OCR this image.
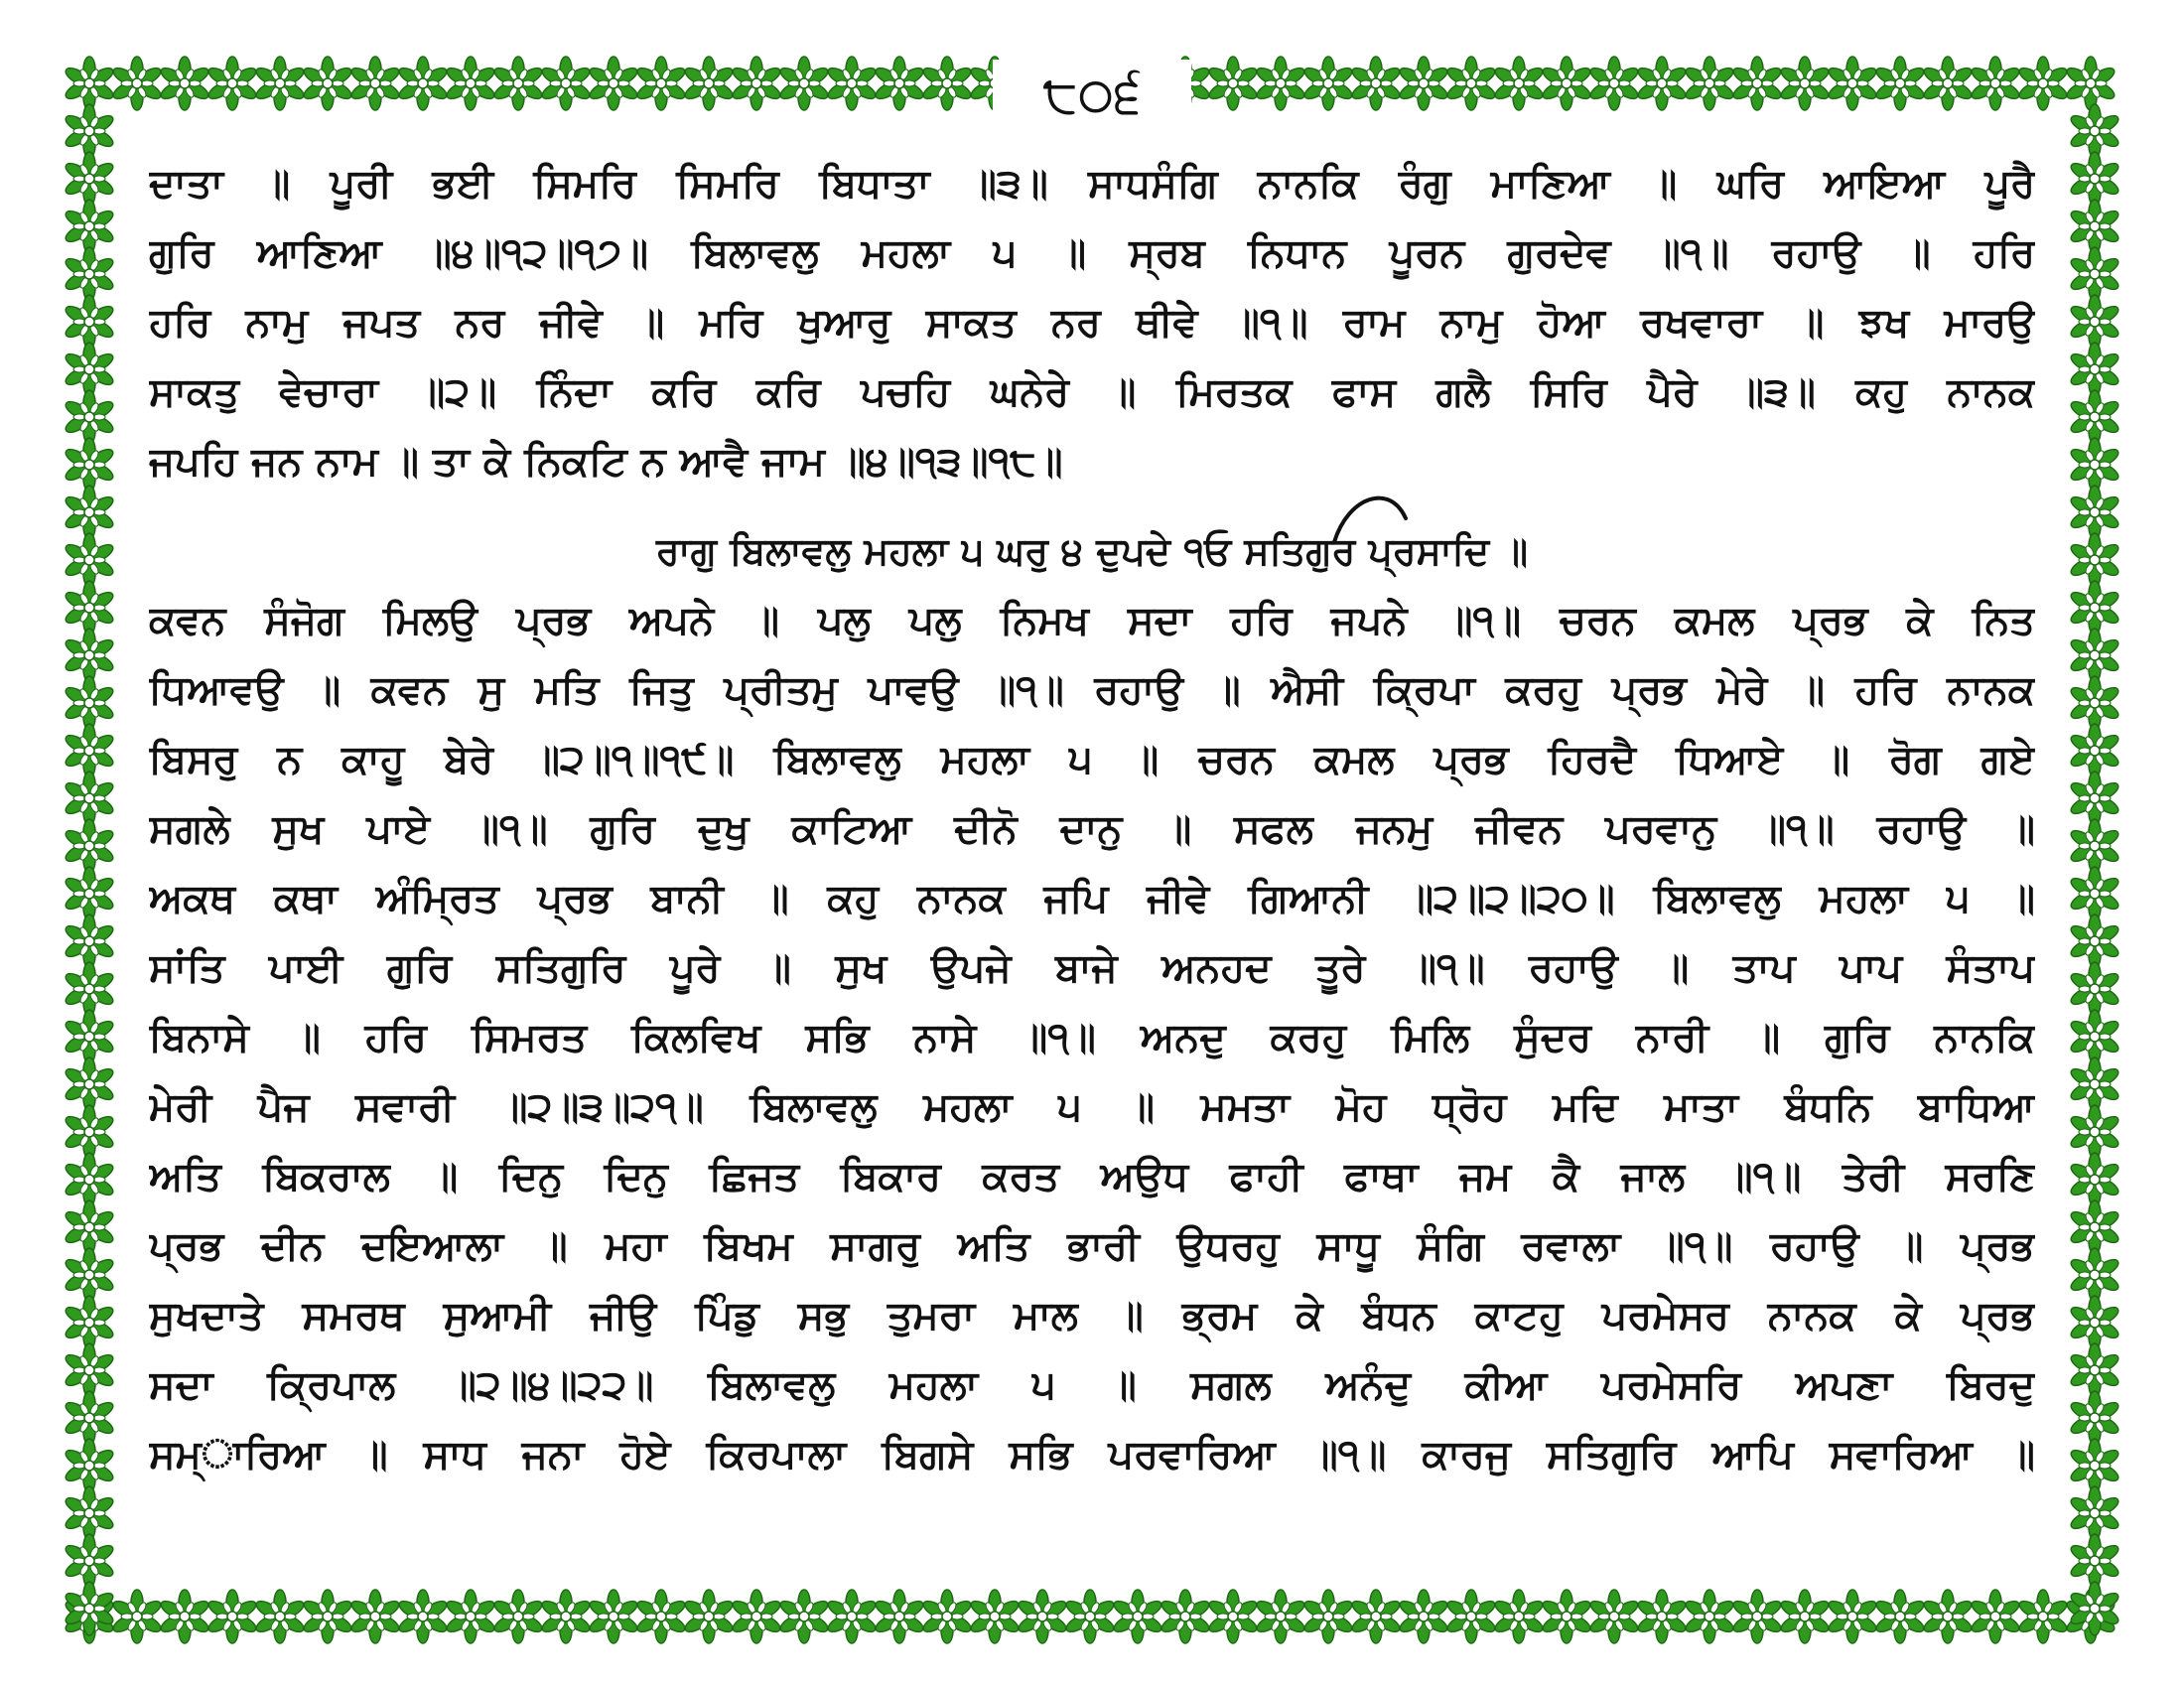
੮੦੬
ਦਾਤਾ ॥ ਪੂਰੀ ਭਈ ਸਿਮਰਿ ਸਿਮਰਿ ਬਿਧਾਤਾ ॥੩॥ ਸਾਧਸੰਗਿ ਨਾਨਕਿ ਰੰਗੁ ਮਾਣਿਆ ॥ ਘਰਿ ਆਇਆ ਪੂਰੈ
ਗੁਰਿ ਆਣਿਆ ॥੪॥੧੨॥੧੭॥ ਬਿਲਾਵਲੁ ਮਹਲਾ ੫ ॥ ਸ੍ਰਬ ਨਿਧਾਨ ਪੂਰਨ ਗੁਰਦੇਵ ॥੧॥ ਰਹਾਉ ॥ ਹਰਿ
ਹਰਿ ਨਾਮੁ ਜਪਤ ਨਰ ਜੀਵੇ ॥ ਮਰਿ ਖੁਆਰੁ ਸਾਕਤ ਨਰ ਥੀਵੇ ॥੧॥ ਰਾਮ ਨਾਮੁ ਹੋਆ ਰਖਵਾਰਾ ॥ ਝਖ ਮਾਰਉ
ਸਾਕਤੁ ਵੇਚਾਰਾ ॥੨॥ ਨਿੰਦਾ ਕਰਿ ਕਰਿ ਪਚਹਿ ਘਨੇਰੇ ॥ ਮਿਰਤਕ ਫਾਸ ਗਲੈ ਸਿਰਿ ਪੈਰੇ ॥੩॥ ਕਹੁ ਨਾਨਕ
ਜਪਹਿ ਜਨ ਨਾਮ ॥ ਤਾ ਕੇ ਨਿਕਟਿ ਨ ਆਵੈ ਜਾਮ ॥੪॥੧੩॥੧੮॥
ਰਾਗੁ ਬਿਲਾਵਲੁ ਮਹਲਾ ੫ ਘਰੁ ੪ ਦੁਪਦੇ ੧ਓ ਸਤਿਗੁਰ ਪ੍ਰਸਾਦਿ ॥
ਕਵਨ ਸੰਜੋਗ ਮਿਲਉ ਪ੍ਰਭ ਅਪਨੇ ॥ ਪਲੁ ਪਲੁ ਨਿਮਖ ਸਦਾ ਹਰਿ ਜਪਨੇ ॥੧॥ ਚਰਨ ਕਮਲ ਪ੍ਰਭ ਕੇ ਨਿਤ
ਧਿਆਵਉ ॥ ਕਵਨ ਸੁ ਮਤਿ ਜਿਤੁ ਪ੍ਰੀਤਮੁ ਪਾਵਉ ॥੧॥ ਰਹਾਉ ॥ ਐਸੀ ਕ੍ਰਿਪਾ ਕਰਹੁ ਪ੍ਰਭ ਮੇਰੇ ॥ ਹਰਿ ਨਾਨਕ
ਬਿਸਰੁ ਨ ਕਾਹੂ ਬੇਰੇ ॥੨॥੧॥੧੯॥ ਬਿਲਾਵਲੁ ਮਹਲਾ ੫ ॥ ਚਰਨ ਕਮਲ ਪ੍ਰਭ ਹਿਰਦੈ ਧਿਆਏ ॥ ਰੋਗ ਗਏ
ਸਗਲੇ ਸੁਖ ਪਾਏ ॥੧॥ ਗੁਰਿ ਦੁਖੁ ਕਾਟਿਆ ਦੀਨੋ ਦਾਨੁ ॥ ਸਫਲ ਜਨਮੁ ਜੀਵਨ ਪਰਵਾਨੁ ॥੧॥ ਰਹਾਉ ॥
ਅਕਥ ਕਥਾ ਅੰਮ੍ਰਿਤ ਪ੍ਰਭ ਬਾਨੀ ॥ ਕਹੁ ਨਾਨਕ ਜਪਿ ਜੀਵੇ ਗਿਆਨੀ ॥੨॥੨॥੨੦॥ ਬਿਲਾਵਲੁ ਮਹਲਾ ੫ ॥
ਸਾਂਤਿ ਪਾਈ ਗੁਰਿ ਸਤਿਗੁਰਿ ਪੂਰੇ ॥ ਸੁਖ ਉਪਜੇ ਬਾਜੇ ਅਨਹਦ ਤੂਰੇ ॥੧॥ ਰਹਾਉ ॥ ਤਾਪ ਪਾਪ ਸੰਤਾਪ
ਬਿਨਾਸੇ ॥ ਹਰਿ ਸਿਮਰਤ ਕਿਲਵਿਖ ਸਭਿ ਨਾਸੇ ॥੧॥ ਅਨਦੁ ਕਰਹੁ ਮਿਲਿ ਸੁੰਦਰ ਨਾਰੀ ॥ ਗੁਰਿ ਨਾਨਕਿ
ਮੇਰੀ ਪੈਜ ਸਵਾਰੀ ॥੨॥੩॥੨੧॥ ਬਿਲਾਵਲੁ ਮਹਲਾ ੫ ॥ ਮਮਤਾ ਮੋਹ ਧ੍ਰੋਹ ਮਦਿ ਮਾਤਾ ਬੰਧਨਿ ਬਾਧਿਆ
ਅਤਿ ਬਿਕਰਾਲ ॥ ਦਿਨੁ ਦਿਨੁ ਛਿਜਤ ਬਿਕਾਰ ਕਰਤ ਅਉਧ ਫਾਹੀ ਫਾਥਾ ਜਮ ਕੈ ਜਾਲ ॥੧॥ ਤੇਰੀ ਸਰਣਿ
ਪ੍ਰਭ ਦੀਨ ਦਇਆਲਾ ॥ ਮਹਾ ਬਿਖਮ ਸਾਗਰੁ ਅਤਿ ਭਾਰੀ ਉਧਰਹੁ ਸਾਧੂ ਸੰਗਿ ਰਵਾਲਾ ॥੧॥ ਰਹਾਉ ॥ ਪ੍ਰਭ
ਸੁਖਦਾਤੇ ਸਮਰਥ ਸੁਆਮੀ ਜੀਉ ਪਿੰਡੁ ਸਭੁ ਤੁਮਰਾ ਮਾਲ ॥ ਭ੍ਰਮ ਕੇ ਬੰਧਨ ਕਾਟਹੁ ਪਰਮੇਸਰ ਨਾਨਕ ਕੇ ਪ੍ਰਭ
ਸਦਾ ਕ੍ਰਿਪਾਲ ॥੨॥੪॥੨੨॥ ਬਿਲਾਵਲੁ ਮਹਲਾ ੫ ॥ ਸਗਲ ਅਨੰਦੁ ਕੀਆ ਪਰਮੇਸਰਿ ਅਪਣਾ ਬਿਰਦੁ
ਸਮ੍ਾਰਿਆ ॥ ਸਾਧ ਜਨਾ ਹੋਏ ਕਿਰਪਾਲਾ ਬਿਗਸੇ ਸਭਿ ਪਰਵਾਰਿਆ ॥੧॥ ਕਾਰਜੁ ਸਤਿਗੁਰਿ ਆਪਿ ਸਵਾਰਿਆ ॥
